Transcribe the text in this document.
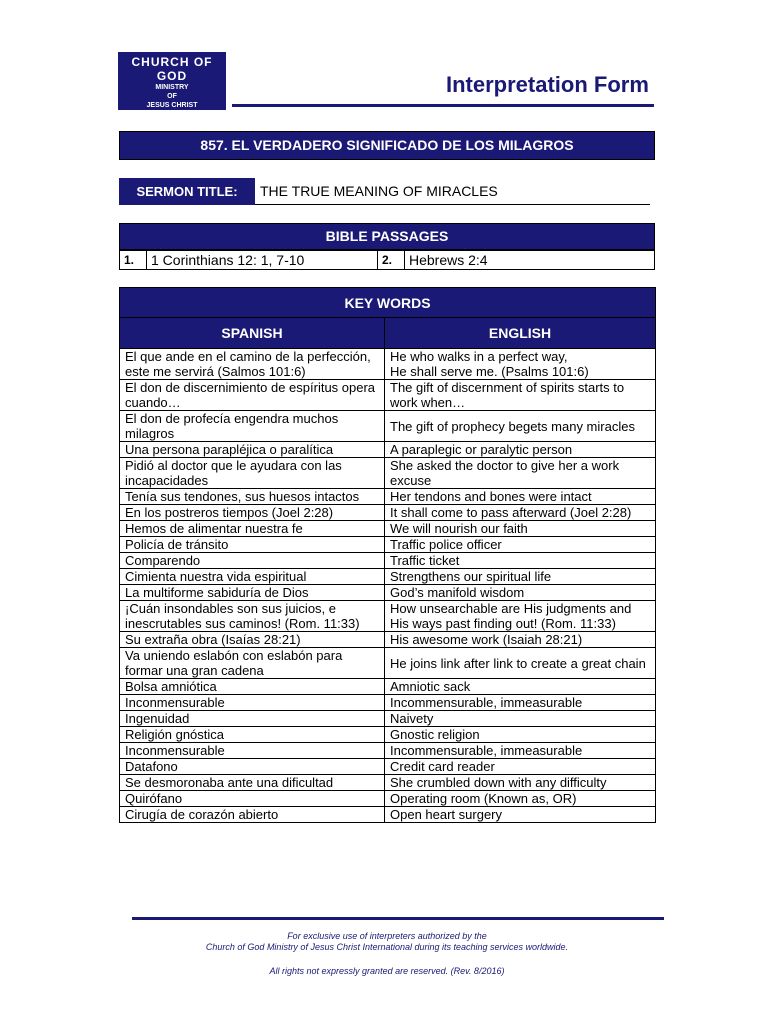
CHURCH OF GOD
MINISTRY
OF
JESUS CHRIST
INTERNATIONAL
Interpretation Form
857. EL VERDADERO SIGNIFICADO DE LOS MILAGROS
SERMON TITLE:	THE TRUE MEANING OF MIRACLES
BIBLE PASSAGES
1.	1 Corinthians 12: 1, 7-10	2.	Hebrews 2:4
KEY WORDS	
SPANISH	ENGLISH
El que ande en el camino de la perfección, este me servirá (Salmos 101:6)	He who walks in a perfect way,
He shall serve me. (Psalms 101:6)
El don de discernimiento de espíritus opera cuando…	The gift of discernment of spirits starts to work when…
El don de profecía engendra muchos milagros	The gift of prophecy begets many miracles
Una persona parapléjica o paralítica	A paraplegic or paralytic person
Pidió al doctor que le ayudara con las incapacidades	She asked the doctor to give her a work excuse
Tenía sus tendones, sus huesos intactos	Her tendons and bones were intact
En los postreros tiempos (Joel 2:28)	It shall come to pass afterward (Joel 2:28)
Hemos de alimentar nuestra fe	We will nourish our faith
Policía de tránsito	Traffic police officer
Comparendo	Traffic ticket
Cimienta nuestra vida espiritual	Strengthens our spiritual life
La multiforme sabiduría de Dios	God’s manifold wisdom
¡Cuán insondables son sus juicios, e inescrutables sus caminos! (Rom. 11:33)	How unsearchable are His judgments and His ways past finding out! (Rom. 11:33)
Su extraña obra (Isaías 28:21)	His awesome work (Isaiah 28:21)
Va uniendo eslabón con eslabón para formar una gran cadena	He joins link after link to create a great chain
Bolsa amniótica	Amniotic sack
Inconmensurable	Incommensurable, immeasurable
Ingenuidad	Naivety
Religión gnóstica	Gnostic religion
Inconmensurable	Incommensurable, immeasurable
Datafono	Credit card reader
Se desmoronaba ante una dificultad	She crumbled down with any difficulty
Quirófano	Operating room (Known as, OR)
Cirugía de corazón abierto	Open heart surgery
For exclusive use of interpreters authorized by the
Church of God Ministry of Jesus Christ International during its teaching services worldwide.
All rights not expressly granted are reserved. (Rev. 8/2016)
